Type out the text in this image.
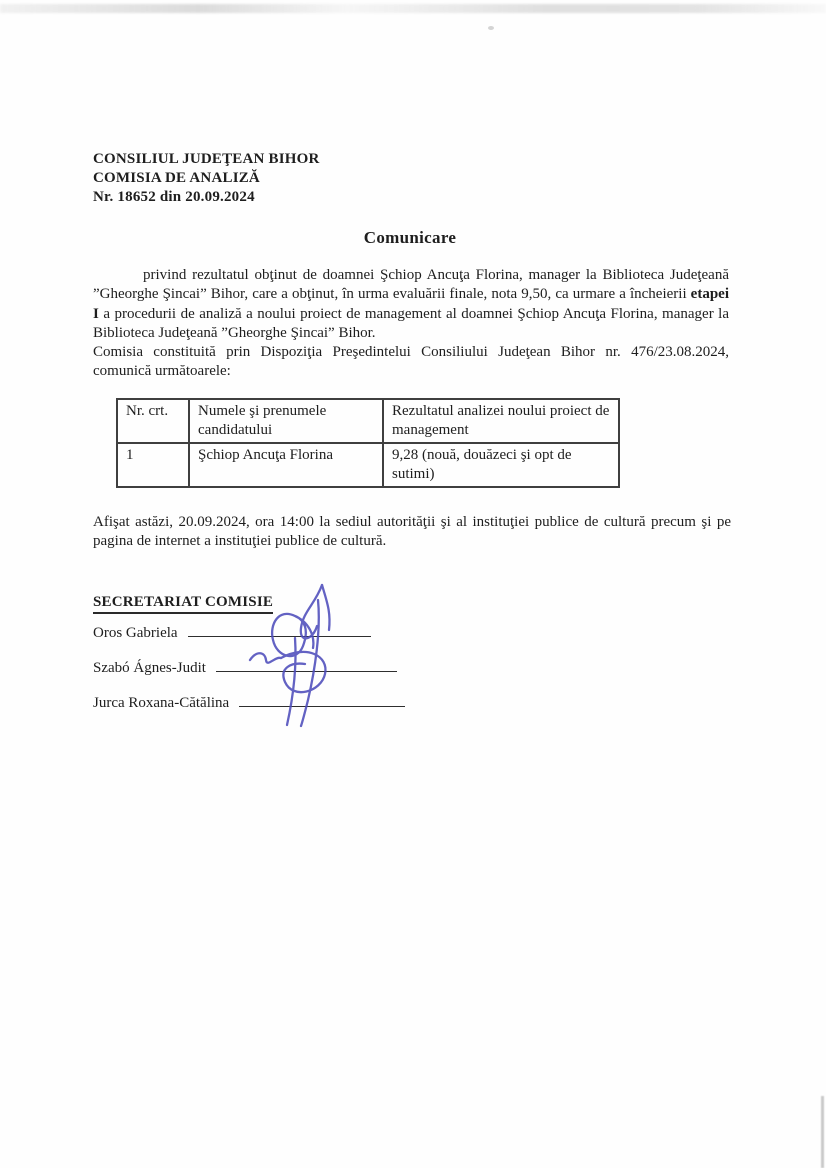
CONSILIUL JUDEŢEAN BIHOR
COMISIA DE ANALIZĂ
Nr. 18652 din 20.09.2024
Comunicare

privind rezultatul obţinut de doamnei Şchiop Ancuţa Florina, manager la Biblioteca Judeţeană ”Gheorghe Şincai” Bihor, care a obţinut, în urma evaluării finale, nota 9,50, ca urmare a încheierii etapei I a procedurii de analiză a noului proiect de management al doamnei Şchiop Ancuţa Florina, manager la Biblioteca Judeţeană ”Gheorghe Şincai” Bihor.

Comisia constituită prin Dispoziţia Preşedintelui Consiliului Judeţean Bihor nr. 476/23.08.2024, comunică următoarele:

Nr. crt.	Numele şi prenumele candidatului	Rezultatul analizei noului proiect de management
1	Şchiop Ancuţa Florina	9,28 (nouă, douăzeci şi opt de sutimi)
Afişat astăzi, 20.09.2024, ora 14:00 la sediul autorităţii şi al instituţiei publice de cultură precum şi pe pagina de internet a instituţiei publice de cultură.
SECRETARIAT COMISIE
Oros Gabriela
Szabó Ágnes-Judit
Jurca Roxana-Cătălina
